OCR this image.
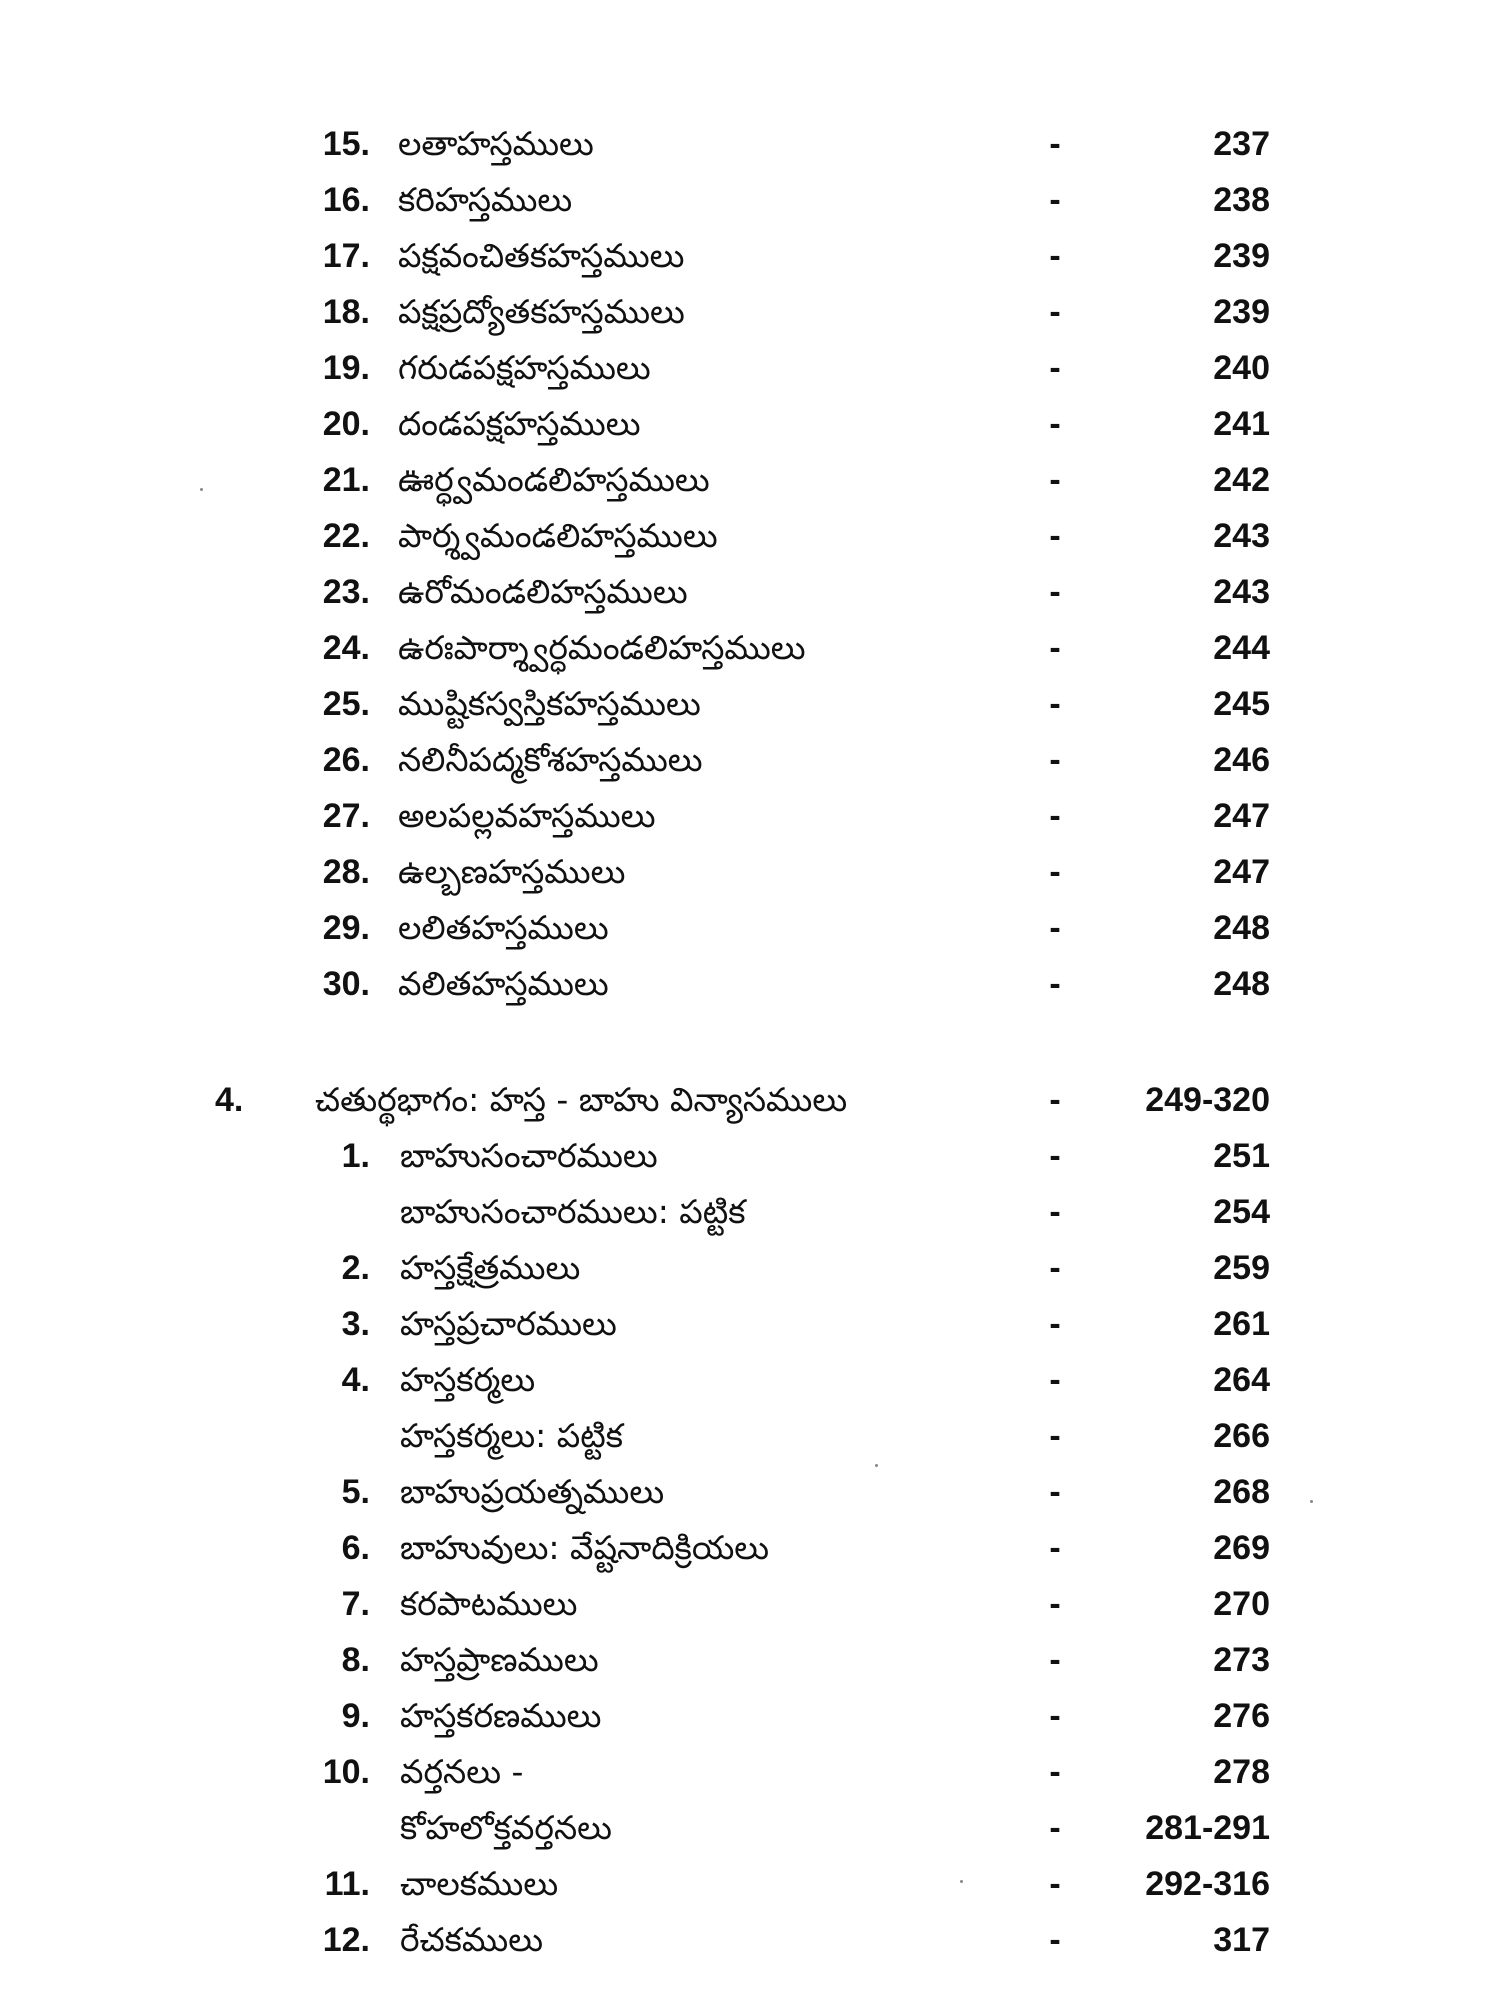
15. లతాహస్తములు	-	237
16. కరిహస్తములు	-	238
17. పక్షవంచితకహస్తములు	-	239
18. పక్షప్రద్యోతకహస్తములు	-	239
19. గరుడపక్షహస్తములు	-	240
20. దండపక్షహస్తములు	-	241
21. ఊర్ధ్వమండలిహస్తములు	-	242
22. పార్శ్వమండలిహస్తములు	-	243
23. ఉరోమండలిహస్తములు	-	243
24. ఉరఃపార్శ్వార్ధమండలిహస్తములు	-	244
25. ముష్టికస్వస్తికహస్తములు	-	245
26. నలినీపద్మకోశహస్తములు	-	246
27. అలపల్లవహస్తములు	-	247
28. ఉల్బణహస్తములు	-	247
29. లలితహస్తములు	-	248
30. వలితహస్తములు	-	248
4.	చతుర్థభాగం: హస్త - బాహు విన్యాసములు	- 249-320
1. బాహుసంచారములు	-	251
బాహుసంచారములు: పట్టిక	-	254
2. హస్తక్షేత్రములు	-	259
3. హస్తప్రచారములు	-	261
4. హస్తకర్మలు	-	264
హస్తకర్మలు: పట్టిక	-	266
5. బాహుప్రయత్నములు	-	268
6. బాహువులు: వేష్టనాదిక్రియలు	-	269
7. కరపాటములు	-	270
8. హస్తప్రాణములు	-	273
9. హస్తకరణములు	-	276
10. వర్తనలు -	-	278
కోహలోక్తవర్తనలు	- 281-291
11. చాలకములు	- 292-316
12. రేచకములు	-	317
